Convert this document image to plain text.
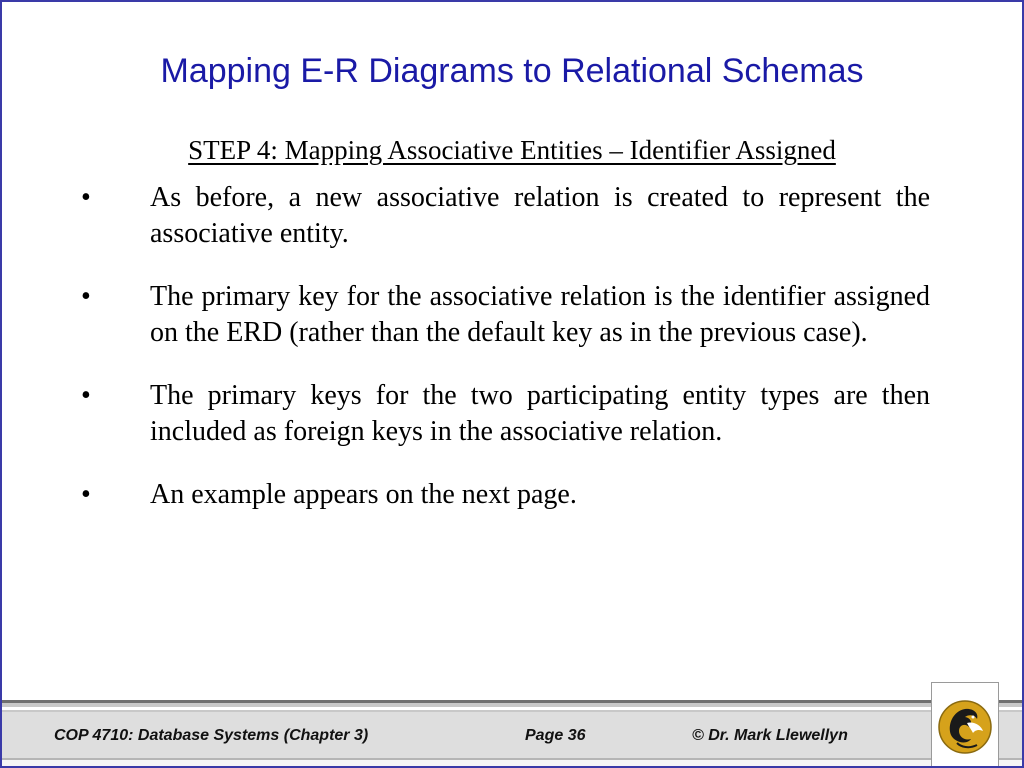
Mapping E-R Diagrams to Relational Schemas
STEP 4: Mapping Associative Entities – Identifier Assigned
• As before, a new associative relation is created to represent the associative entity.
• The primary key for the associative relation is the identifier assigned on the ERD (rather than the default key as in the previous case).
• The primary keys for the two participating entity types are then included as foreign keys in the associative relation.
• An example appears on the next page.
COP 4710: Database Systems (Chapter 3)	Page 36	© Dr. Mark Llewellyn
